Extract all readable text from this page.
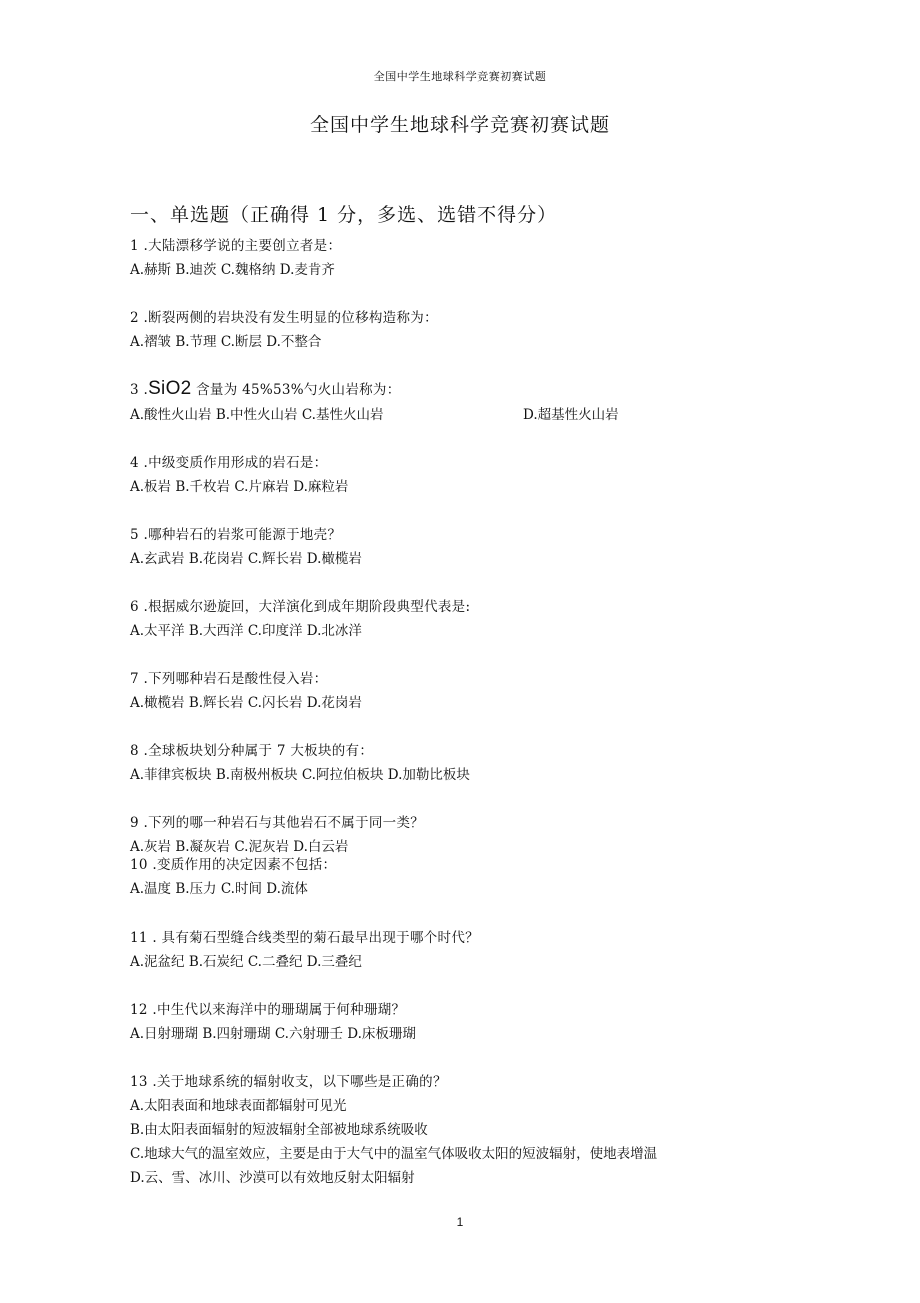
全国中学生地球科学竞赛初赛试题
全国中学生地球科学竞赛初赛试题
一、单选题（正确得 1 分，多选、选错不得分）
1 .大陆漂移学说的主要创立者是：
A.赫斯 B.迪茨 C.魏格纳 D.麦肯齐
2 .断裂两侧的岩块没有发生明显的位移构造称为：
A.褶皱 B.节理 C.断层 D.不整合
3 .SiO2 含量为 45%53%勺火山岩称为：
A.酸性火山岩 B.中性火山岩 C.基性火山岩	D.超基性火山岩
4 .中级变质作用形成的岩石是：
A.板岩 B.千枚岩 C.片麻岩 D.麻粒岩
5 .哪种岩石的岩浆可能源于地壳？
A.玄武岩 B.花岗岩 C.辉长岩 D.橄榄岩
6 .根据威尔逊旋回，大洋演化到成年期阶段典型代表是:
A.太平洋 B.大西洋 C.印度洋 D.北冰洋
7 .下列哪种岩石是酸性侵入岩：
A.橄榄岩 B.辉长岩 C.闪长岩 D.花岗岩
8 .全球板块划分种属于 7 大板块的有：
A.菲律宾板块 B.南极州板块 C.阿拉伯板块 D.加勒比板块
9 .下列的哪一种岩石与其他岩石不属于同一类？
A.灰岩 B.凝灰岩 C.泥灰岩 D.白云岩
10 .变质作用的决定因素不包括：
A.温度 B.压力 C.时间 D.流体
11 . 具有菊石型缝合线类型的菊石最早出现于哪个时代？
A.泥盆纪 B.石炭纪 C.二叠纪 D.三叠纪
12 .中生代以来海洋中的珊瑚属于何种珊瑚？
A.日射珊瑚 B.四射珊瑚 C.六射珊壬 D.床板珊瑚
13 .关于地球系统的辐射收支，以下哪些是正确的？
A.太阳表面和地球表面都辐射可见光
B.由太阳表面辐射的短波辐射全部被地球系统吸收
C.地球大气的温室效应，主要是由于大气中的温室气体吸收太阳的短波辐射，使地表增温
D.云、雪、冰川、沙漠可以有效地反射太阳辐射
1
